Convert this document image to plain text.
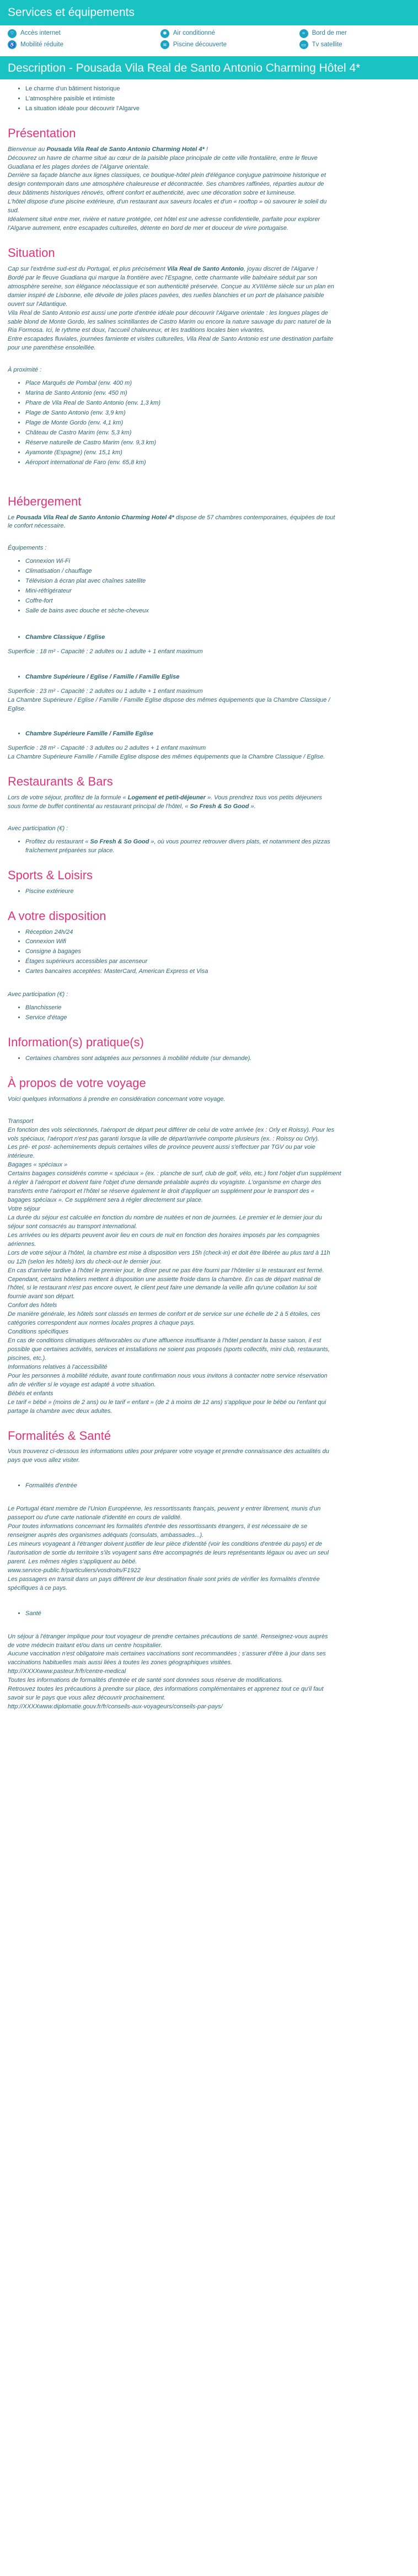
Services et équipements
⌔ Accès internet	✱ Air conditionné	≈	Bord de mer
♿ Mobilité réduite	≋ Piscine découverte	▭ Tv satellite
Description - Pousada Vila Real de Santo Antonio Charming Hôtel 4*
• Le charme d'un bâtiment historique
• L'atmosphère paisible et intimiste
• La situation idéale pour découvrir l'Algarve
Présentation

Bienvenue au Pousada Vila Real de Santo Antonio Charming Hotel 4* !
Découvrez un havre de charme situé au cœur de la paisible place principale de cette ville frontalière, entre le fleuve
Guadiana et les plages dorées de l'Algarve orientale.
Derrière sa façade blanche aux lignes classiques, ce boutique-hôtel plein d'élégance conjugue patrimoine historique et
design contemporain dans une atmosphère chaleureuse et décontractée. Ses chambres raffinées, réparties autour de
deux bâtiments historiques rénovés, offrent confort et authenticité, avec une décoration sobre et lumineuse.
L'hôtel dispose d'une piscine extérieure, d'un restaurant aux saveurs locales et d'un « rooftop » où savourer le soleil du
sud.
Idéalement situé entre mer, rivière et nature protégée, cet hôtel est une adresse confidentielle, parfaite pour explorer
l'Algarve autrement, entre escapades culturelles, détente en bord de mer et douceur de vivre portugaise.

Situation

Cap sur l'extrême sud-est du Portugal, et plus précisément Vila Real de Santo Antonio, joyau discret de l'Algarve !
Bordé par le fleuve Guadiana qui marque la frontière avec l'Espagne, cette charmante ville balnéaire séduit par son
atmosphère sereine, son élégance néoclassique et son authenticité préservée. Conçue au XVIIIème siècle sur un plan en
damier inspiré de Lisbonne, elle dévoile de jolies places pavées, des ruelles blanchies et un port de plaisance paisible
ouvert sur l'Atlantique.
Vila Real de Santo Antonio est aussi une porte d'entrée idéale pour découvrir l'Algarve orientale : les longues plages de
sable blond de Monte Gordo, les salines scintillantes de Castro Marim ou encore la nature sauvage du parc naturel de la
Ria Formosa. Ici, le rythme est doux, l'accueil chaleureux, et les traditions locales bien vivantes.
Entre escapades fluviales, journées farniente et visites culturelles, Vila Real de Santo Antonio est une destination parfaite
pour une parenthèse ensoleillée.

À proximité :

• Place Marquês de Pombal (env. 400 m)
• Marina de Santo Antonio (env. 450 m)
• Phare de Vila Real de Santo Antonio (env. 1,3 km)
• Plage de Santo Antonio (env. 3,9 km)
• Plage de Monte Gordo (env. 4,1 km)
• Château de Castro Marim (env. 5,3 km)
• Réserve naturelle de Castro Marim (env. 9,3 km)
• Ayamonte (Espagne) (env. 15,1 km)
• Aéroport international de Faro (env. 65,8 km)
Hébergement

Le Pousada Vila Real de Santo Antonio Charming Hotel 4* dispose de 57 chambres contemporaines, équipées de tout
le confort nécessaire.

Équipements :

• Connexion Wi-Fi
• Climatisation / chauffage
• Télévision à écran plat avec chaînes satellite
• Mini-réfrigérateur
• Coffre-fort
• Salle de bains avec douche et sèche-cheveux

• Chambre Classique / Eglise

Superficie : 18 m² - Capacité : 2 adultes ou 1 adulte + 1 enfant maximum

• Chambre Supérieure / Eglise / Famille / Famille Eglise

Superficie : 23 m² - Capacité : 2 adultes ou 1 adulte + 1 enfant maximum
La Chambre Supérieure / Eglise / Famille / Famille Eglise dispose des mêmes équipements que la Chambre Classique /
Eglise.

• Chambre Supérieure Famille / Famille Eglise

Superficie : 28 m² - Capacité : 3 adultes ou 2 adultes + 1 enfant maximum
La Chambre Supérieure Famille / Famille Eglise dispose des mêmes équipements que la Chambre Classique / Eglise.

Restaurants & Bars

Lors de votre séjour, profitez de la formule « Logement et petit-déjeuner ». Vous prendrez tous vos petits déjeuners
sous forme de buffet continental au restaurant principal de l'hôtel, « So Fresh & So Good ».

Avec participation (€) :

• Profitez du restaurant « So Fresh & So Good », où vous pourrez retrouver divers plats, et notamment des pizzas
fraîchement préparées sur place.
Sports & Loisirs
• Piscine extérieure
A votre disposition
• Réception 24h/24
• Connexion Wifi
• Consigne à bagages
• Étages supérieurs accessibles par ascenseur
• Cartes bancaires acceptées: MasterCard, American Express et Visa

Avec participation (€) :

• Blanchisserie
• Service d'étage
Information(s) pratique(s)
• Certaines chambres sont adaptées aux personnes à mobilité réduite (sur demande).
À propos de votre voyage

Voici quelques informations à prendre en considération concernant votre voyage.

Transport
En fonction des vols sélectionnés, l'aéroport de départ peut différer de celui de votre arrivée (ex : Orly et Roissy). Pour les
vols spéciaux, l'aéroport n'est pas garanti lorsque la ville de départ/arrivée comporte plusieurs (ex. : Roissy ou Orly).
Les pré- et post- acheminements depuis certaines villes de province peuvent aussi s'effectuer par TGV ou par voie
intérieure.
Bagages « spéciaux »
Certains bagages considérés comme « spéciaux » (ex. : planche de surf, club de golf, vélo, etc.) font l'objet d'un supplément
à régler à l'aéroport et doivent faire l'objet d'une demande préalable auprès du voyagiste. L'organisme en charge des
transferts entre l'aéroport et l'hôtel se réserve également le droit d'appliquer un supplément pour le transport des «
bagages spéciaux ». Ce supplément sera à régler directement sur place.
Votre séjour
La durée du séjour est calculée en fonction du nombre de nuitées et non de journées. Le premier et le dernier jour du
séjour sont consacrés au transport international.
Les arrivées ou les départs peuvent avoir lieu en cours de nuit en fonction des horaires imposés par les compagnies
aériennes.
Lors de votre séjour à l'hôtel, la chambre est mise à disposition vers 15h (check-in) et doit être libérée au plus tard à 11h
ou 12h (selon les hôtels) lors du check-out le dernier jour.
En cas d'arrivée tardive à l'hôtel le premier jour, le dîner peut ne pas être fourni par l'hôtelier si le restaurant est fermé.
Cependant, certains hôteliers mettent à disposition une assiette froide dans la chambre. En cas de départ matinal de
l'hôtel, si le restaurant n'est pas encore ouvert, le client peut faire une demande la veille afin qu'une collation lui soit
fournie avant son départ.
Confort des hôtels
De manière générale, les hôtels sont classés en termes de confort et de service sur une échelle de 2 à 5 étoiles, ces
catégories correspondent aux normes locales propres à chaque pays.
Conditions spécifiques
En cas de conditions climatiques défavorables ou d'une affluence insuffisante à l'hôtel pendant la basse saison, il est
possible que certaines activités, services et installations ne soient pas proposés (sports collectifs, mini club, restaurants,
piscines, etc.).
Informations relatives à l'accessibilité
Pour les personnes à mobilité réduite, avant toute confirmation nous vous invitons à contacter notre service réservation
afin de vérifier si le voyage est adapté à votre situation.
Bébés et enfants
Le tarif « bébé » (moins de 2 ans) ou le tarif « enfant » (de 2 à moins de 12 ans) s'applique pour le bébé ou l'enfant qui
partage la chambre avec deux adultes.

Formalités & Santé

Vous trouverez ci-dessous les informations utiles pour préparer votre voyage et prendre connaissance des actualités du
pays que vous allez visiter.

• Formalités d'entrée

Le Portugal étant membre de l'Union Européenne, les ressortissants français, peuvent y entrer librement, munis d'un
passeport ou d'une carte nationale d'identité en cours de validité.
Pour toutes informations concernant les formalités d'entrée des ressortissants étrangers, il est nécessaire de se
renseigner auprès des organismes adéquats (consulats, ambassades...).
Les mineurs voyageant à l'étranger doivent justifier de leur pièce d'identité (voir les conditions d'entrée du pays) et de
l'autorisation de sortie du territoire s'ils voyagent sans être accompagnés de leurs représentants légaux ou avec un seul
parent. Les mêmes règles s'appliquent au bébé.
www.service-public.fr/particuliers/vosdroits/F1922
Les passagers en transit dans un pays différent de leur destination finale sont priés de vérifier les formalités d'entrée
spécifiques à ce pays.

• Santé

Un séjour à l'étranger implique pour tout voyageur de prendre certaines précautions de santé. Renseignez-vous auprès
de votre médecin traitant et/ou dans un centre hospitalier.
Aucune vaccination n'est obligatoire mais certaines vaccinations sont recommandées ; s'assurer d'être à jour dans ses
vaccinations habituelles mais aussi liées à toutes les zones géographiques visitées.
http://XXXXwww.pasteur.fr/fr/centre-medical
Toutes les informations de formalités d'entrée et de santé sont données sous réserve de modifications.
Retrouvez toutes les précautions à prendre sur place, des informations complémentaires et apprenez tout ce qu'il faut
savoir sur le pays que vous allez découvrir prochainement.
http://XXXXwww.diplomatie.gouv.fr/fr/conseils-aux-voyageurs/conseils-par-pays/
